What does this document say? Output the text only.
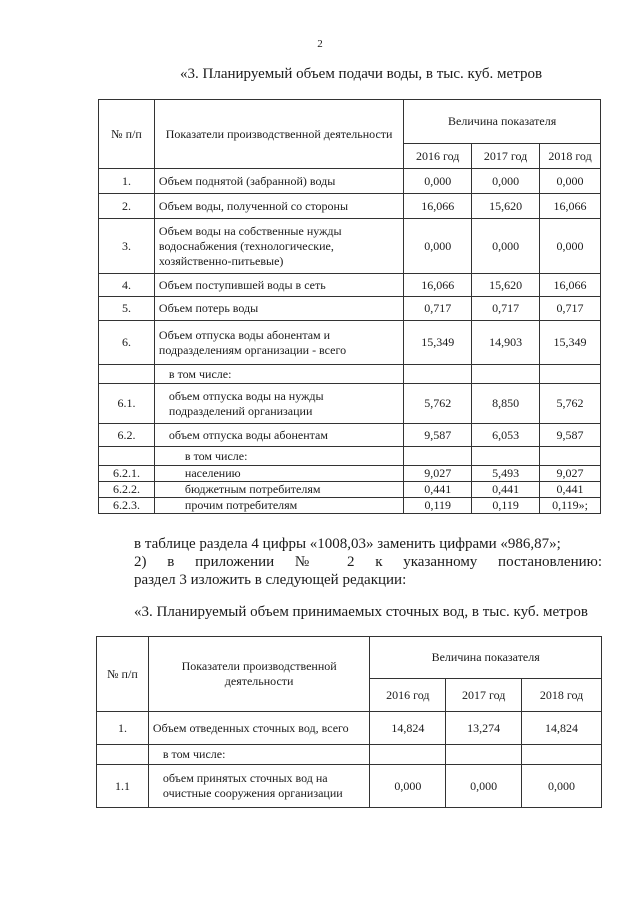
2
«3. Планируемый объем подачи воды, в тыс. куб. метров
№ п/п	Показатели производственной деятельности	Величина показателя		
		2016 год	2017 год	2018 год
1.	Объем поднятой (забранной) воды	0,000	0,000	0,000
2.	Объем воды, полученной со стороны	16,066	15,620	16,066
3.	Объем воды на собственные нужды водоснабжения (технологические, хозяйственно-питьевые)	0,000	0,000	0,000
4.	Объем поступившей воды в сеть	16,066	15,620	16,066
5.	Объем потерь воды	0,717	0,717	0,717
6.	Объем отпуска воды абонентам и подразделениям организации - всего	15,349	14,903	15,349
	в том числе:			
6.1.	объем отпуска воды на нужды подразделений организации	5,762	8,850	5,762
6.2.	объем отпуска воды абонентам	9,587	6,053	9,587
	в том числе:			
6.2.1.	населению	9,027	5,493	9,027
6.2.2.	бюджетным потребителям	0,441	0,441	0,441
6.2.3.	прочим потребителям	0,119	0,119	0,119»;
в таблице раздела 4 цифры «1008,03» заменить цифрами «986,87»;
2) в приложении № 2 к указанному постановлению:
раздел 3 изложить в следующей редакции:
«3. Планируемый объем принимаемых сточных вод, в тыс. куб. метров
№ п/п	Показатели производственной деятельности	Величина показателя		
		2016 год	2017 год	2018 год
1.	Объем отведенных сточных вод, всего	14,824	13,274	14,824
	в том числе:			
1.1	объем принятых сточных вод на очистные сооружения организации	0,000	0,000	0,000
